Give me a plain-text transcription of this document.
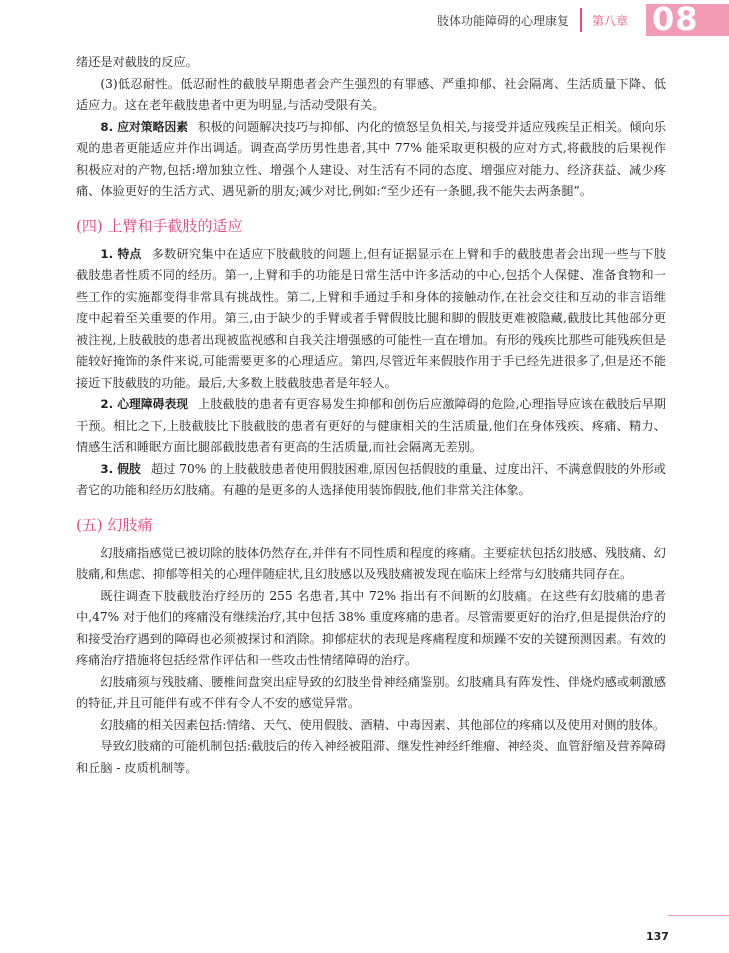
肢体功能障碍的心理康复 第八章 08

绪还是对截肢的反应。

(3)低忍耐性。低忍耐性的截肢早期患者会产生强烈的有罪感、严重抑郁、社会隔离、生活质量下降、低适应力。这在老年截肢患者中更为明显,与活动受限有关。

8. 应对策略因素 积极的问题解决技巧与抑郁、内化的愤怒呈负相关,与接受并适应残疾呈正相关。倾向乐观的患者更能适应并作出调适。调查高学历男性患者,其中 77% 能采取更积极的应对方式,将截肢的后果视作积极应对的产物,包括:增加独立性、增强个人建设、对生活有不同的态度、增强应对能力、经济获益、减少疼痛、体验更好的生活方式、遇见新的朋友;减少对比,例如:“至少还有一条腿,我不能失去两条腿”。

(四) 上臂和手截肢的适应

1. 特点 多数研究集中在适应下肢截肢的问题上,但有证据显示在上臂和手的截肢患者会出现一些与下肢截肢患者性质不同的经历。第一,上臂和手的功能是日常生活中许多活动的中心,包括个人保健、准备食物和一些工作的实施都变得非常具有挑战性。第二,上臂和手通过手和身体的接触动作,在社会交往和互动的非言语维度中起着至关重要的作用。第三,由于缺少的手臂或者手臂假肢比腿和脚的假肢更难被隐藏,截肢比其他部分更被注视,上肢截肢的患者出现被监视感和自我关注增强感的可能性一直在增加。有形的残疾比那些可能残疾但是能较好掩饰的条件来说,可能需要更多的心理适应。第四,尽管近年来假肢作用于手已经先进很多了,但是还不能接近下肢截肢的功能。最后,大多数上肢截肢患者是年轻人。

2. 心理障碍表现 上肢截肢的患者有更容易发生抑郁和创伤后应激障碍的危险,心理指导应该在截肢后早期干预。相比之下,上肢截肢比下肢截肢的患者有更好的与健康相关的生活质量,他们在身体残疾、疼痛、精力、情感生活和睡眠方面比腿部截肢患者有更高的生活质量,而社会隔离无差别。

3. 假肢 超过 70% 的上肢截肢患者使用假肢困难,原因包括假肢的重量、过度出汗、不满意假肢的外形或者它的功能和经历幻肢痛。有趣的是更多的人选择使用装饰假肢,他们非常关注体象。

(五) 幻肢痛

幻肢痛指感觉已被切除的肢体仍然存在,并伴有不同性质和程度的疼痛。主要症状包括幻肢感、残肢痛、幻肢痛,和焦虑、抑郁等相关的心理伴随症状,且幻肢感以及残肢痛被发现在临床上经常与幻肢痛共同存在。

既往调查下肢截肢治疗经历的 255 名患者,其中 72% 指出有不间断的幻肢痛。在这些有幻肢痛的患者中,47% 对于他们的疼痛没有继续治疗,其中包括 38% 重度疼痛的患者。尽管需要更好的治疗,但是提供治疗的和接受治疗遇到的障碍也必须被探讨和消除。抑郁症状的表现是疼痛程度和烦躁不安的关键预测因素。有效的疼痛治疗措施将包括经常作评估和一些攻击性情绪障碍的治疗。

幻肢痛须与残肢痛、腰椎间盘突出症导致的幻肢坐骨神经痛鉴别。幻肢痛具有阵发性、伴烧灼感或刺激感的特征,并且可能伴有或不伴有令人不安的感觉异常。

幻肢痛的相关因素包括:情绪、天气、使用假肢、酒精、中毒因素、其他部位的疼痛以及使用对侧的肢体。

导致幻肢痛的可能机制包括:截肢后的传入神经被阻滞、继发性神经纤维瘤、神经炎、血管舒缩及营养障碍和丘脑 - 皮质机制等。

137
